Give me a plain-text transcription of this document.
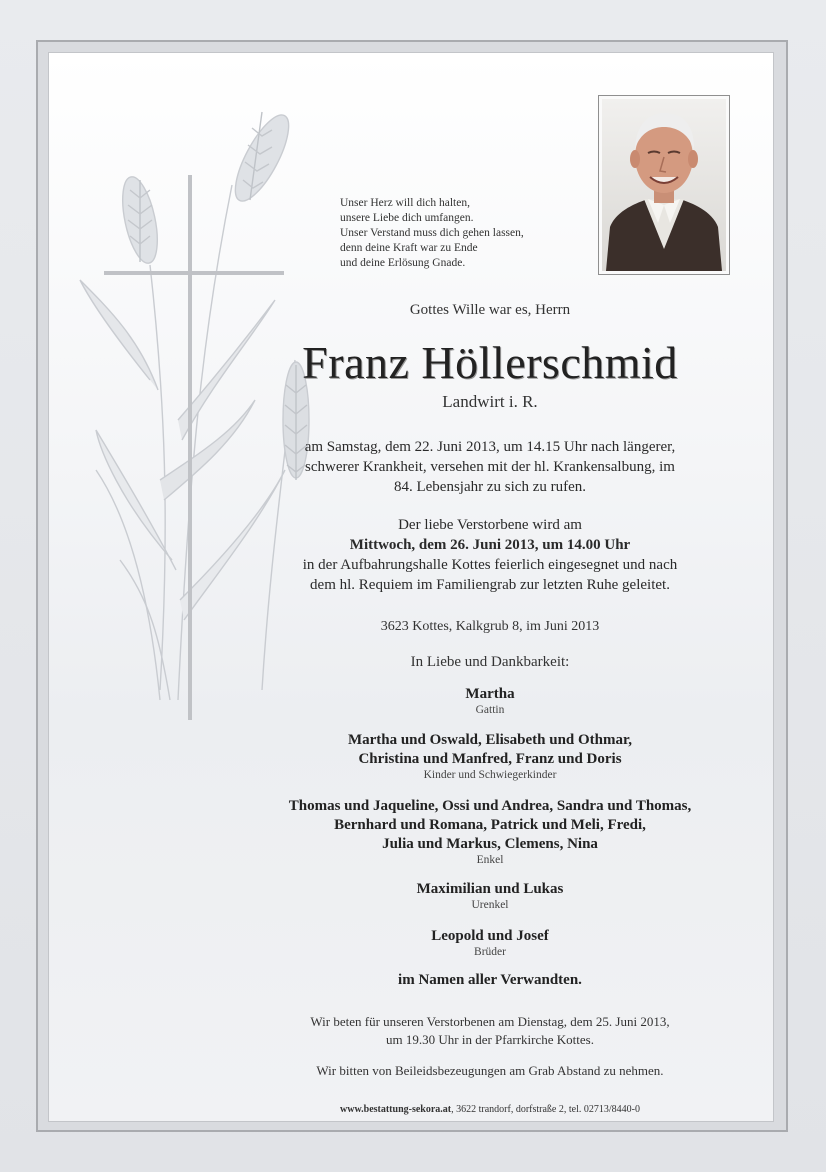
Unser Herz will dich halten,
unsere Liebe dich umfangen.
Unser Verstand muss dich gehen lassen,
denn deine Kraft war zu Ende
und deine Erlösung Gnade.
Gottes Wille war es, Herrn
Franz Höllerschmid
Landwirt i. R.
am Samstag, dem 22. Juni 2013, um 14.15 Uhr nach längerer,
schwerer Krankheit, versehen mit der hl. Krankensalbung, im
84. Lebensjahr zu sich zu rufen.
Der liebe Verstorbene wird am
Mittwoch, dem 26. Juni 2013, um 14.00 Uhr
in der Aufbahrungshalle Kottes feierlich eingesegnet und nach
dem hl. Requiem im Familiengrab zur letzten Ruhe geleitet.
3623 Kottes, Kalkgrub 8, im Juni 2013
In Liebe und Dankbarkeit:
Martha
Gattin
Martha und Oswald, Elisabeth und Othmar,
Christina und Manfred, Franz und Doris
Kinder und Schwiegerkinder
Thomas und Jaqueline, Ossi und Andrea, Sandra und Thomas,
Bernhard und Romana, Patrick und Meli, Fredi,
Julia und Markus, Clemens, Nina
Enkel
Maximilian und Lukas
Urenkel
Leopold und Josef
Brüder
im Namen aller Verwandten.
Wir beten für unseren Verstorbenen am Dienstag, dem 25. Juni 2013,
um 19.30 Uhr in der Pfarrkirche Kottes.
Wir bitten von Beileidsbezeugungen am Grab Abstand zu nehmen.
www.bestattung-sekora.at, 3622 trandorf, dorfstraße 2, tel. 02713/8440-0
